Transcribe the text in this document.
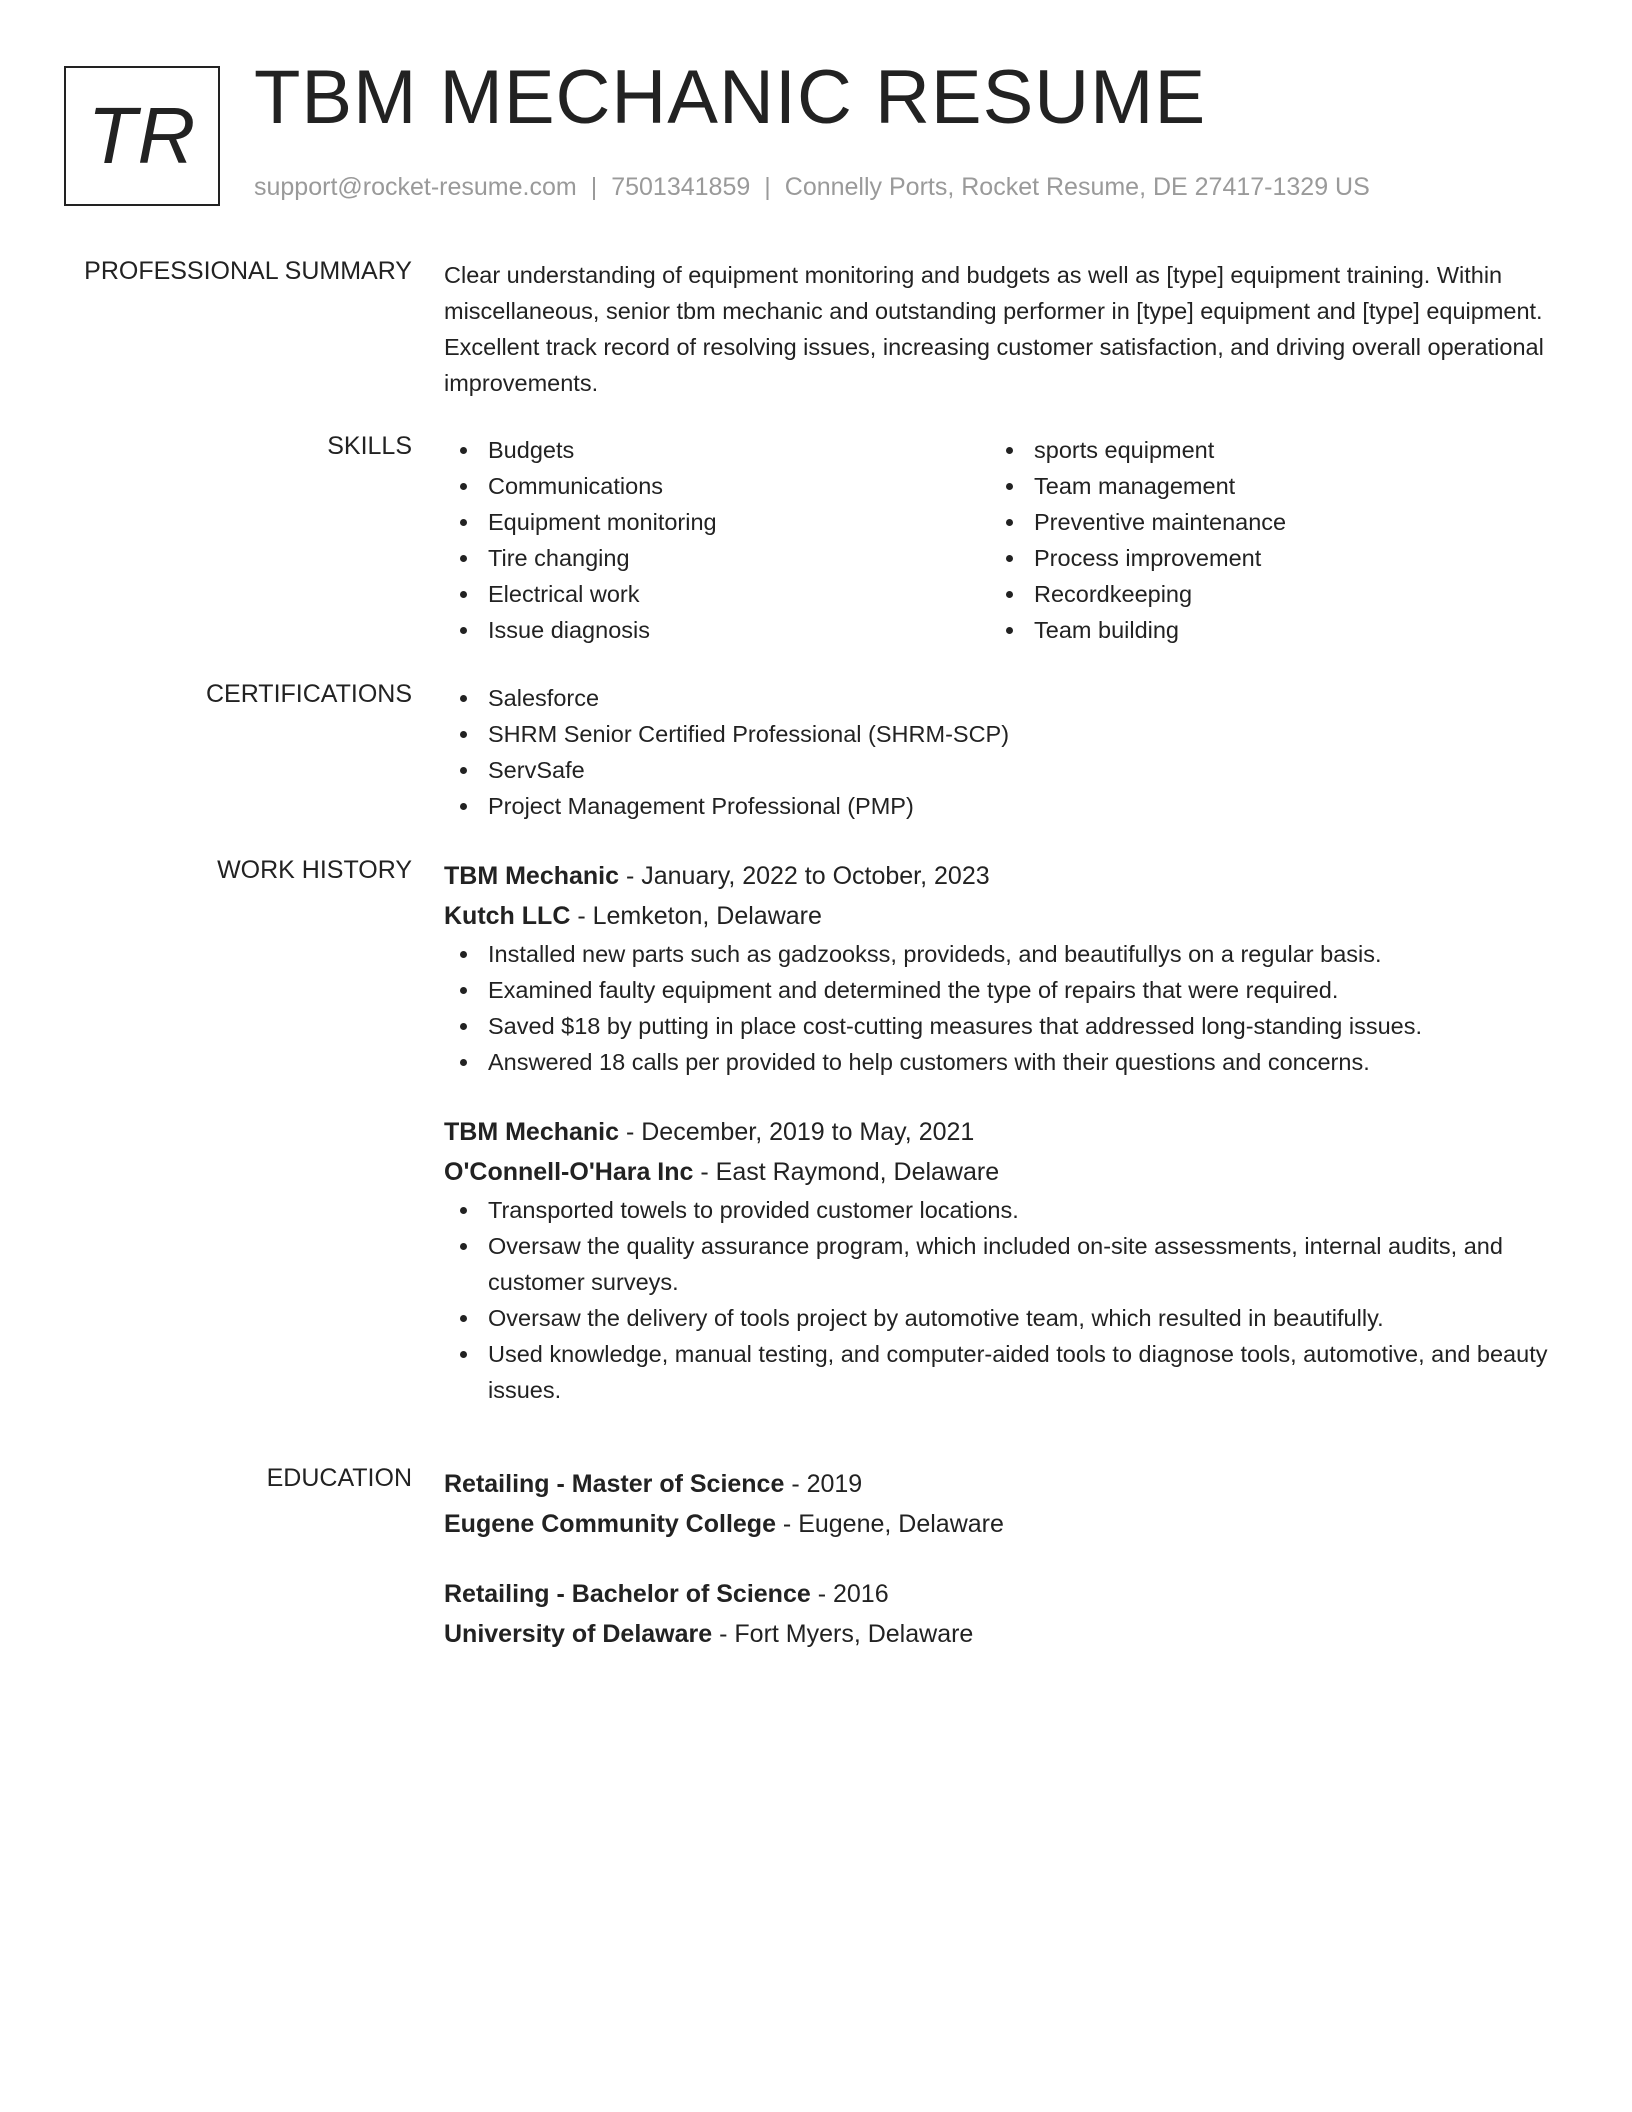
TR TBM MECHANIC RESUME
support@rocket-resume.com | 7501341859 | Connelly Ports, Rocket Resume, DE 27417-1329 US
PROFESSIONAL SUMMARY Clear understanding of equipment monitoring and budgets as well as [type] equipment training. Within miscellaneous, senior tbm mechanic and outstanding performer in [type] equipment and [type] equipment. Excellent track record of resolving issues, increasing customer satisfaction, and driving overall operational improvements.

SKILLS	Budgets
Communications
Equipment monitoring
Tire changing
Electrical work
Issue diagnosis
sports equipment
Team management
Preventive maintenance
Process improvement
Recordkeeping
Team building
CERTIFICATIONS	Salesforce
SHRM Senior Certified Professional (SHRM-SCP)
ServSafe
Project Management Professional (PMP)
WORK HISTORY TBM Mechanic - January, 2022 to October, 2023
Kutch LLC - Lemketon, Delaware
Installed new parts such as gadzookss, provideds, and beautifullys on a regular basis.
Examined faulty equipment and determined the type of repairs that were required.
Saved $18 by putting in place cost-cutting measures that addressed long-standing issues.
Answered 18 calls per provided to help customers with their questions and concerns.
TBM Mechanic - December, 2019 to May, 2021
O'Connell-O'Hara Inc - East Raymond, Delaware
Transported towels to provided customer locations.
Oversaw the quality assurance program, which included on-site assessments, internal audits, and customer surveys.
Oversaw the delivery of tools project by automotive team, which resulted in beautifully.
Used knowledge, manual testing, and computer-aided tools to diagnose tools, automotive, and beauty issues.
EDUCATION Retailing - Master of Science - 2019
Eugene Community College - Eugene, Delaware
Retailing - Bachelor of Science - 2016
University of Delaware - Fort Myers, Delaware
